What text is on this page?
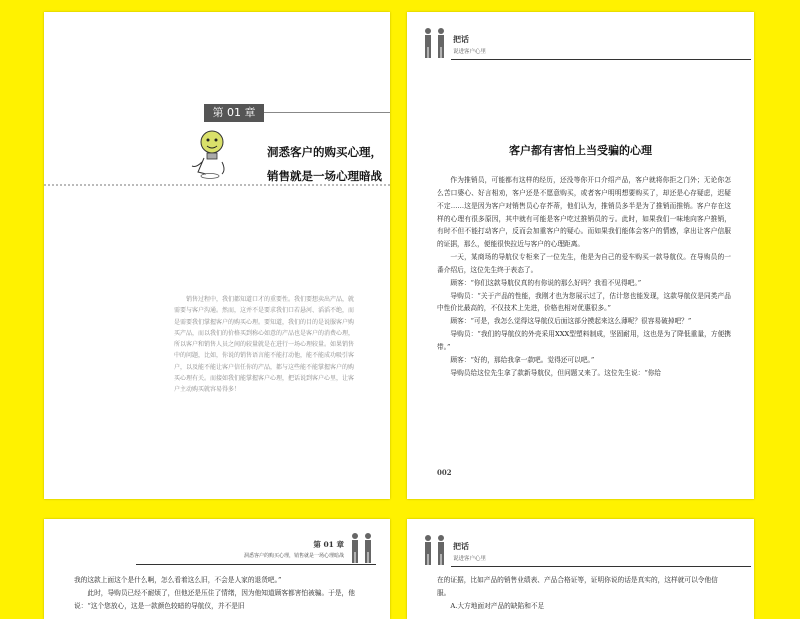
第 01 章
洞悉客户的购买心理，
销售就是一场心理暗战
销售过程中，我们都知道口才的重要性。我们要想卖出产品，就需要与客户沟通。然而，这并不是要求我们口若悬河、滔滔不绝，而是需要我们掌握客户的购买心理。要知道，我们的目的是说服客户购买产品，而以我们的价格买到称心如意的产品也是客户的消费心理，所以客户和销售人员之间的较量就是在进行一场心理较量。如果销售中的问题，比如，你说的销售语言能不能打动他，能不能成功吸引客户，以及能不能让客户信任你的产品，都与这些能不能掌握客户的购买心理有关。而接如我们能掌握客户心理，把话说到客户心里，让客户主动购买就容易得多！
把话
说进客户心里
客户都有害怕上当受骗的心理

作为推销员，可能都有这样的经历，还没等你开口介绍产品，客户就将你拒之门外；无论你怎么苦口婆心、好言相劝，客户还是不愿意购买，或者客户明明想要购买了，却还是心存疑虑，迟疑不定……这是因为客户对销售员心存芥蒂，他们认为，推销员多半是为了推销而推销。客户存在这样的心理有很多原因，其中就有可能是客户吃过推销员的亏。此时，如果我们一味地向客户推销，有时不但不能打动客户，反而会加重客户的疑心。而如果我们能体会客户的情感，拿出让客户信服的证据，那么，便能很快拉近与客户的心理距离。

一天，某商场的导航仪专柜来了一位先生，他是为自己的爱车购买一款导航仪。在导购员的一番介绍后，这位先生终于表态了。

顾客：“你们这款导航仪真的有你说的那么好吗？我看不见得吧。”

导购员：“关于产品的性能，我刚才也为您展示过了，估计您也能发现，这款导航仪是同类产品中性价比最高的，不仅技术上先进，价格也相对优惠很多。”

顾客：“可是，我怎么觉得这导航仪后面这部分摸起来这么薄呢？很容易破掉吧？”

导购员：“我们的导航仪的外壳采用XXX型塑料制成，坚固耐用，这也是为了降低重量，方便携带。”

顾客：“好的，那给我拿一款吧。觉得还可以吧。”

导购员给这位先生拿了款新导航仪，但问题又来了。这位先生说：“你给

002
第 01 章
洞悉客户的购买心理，销售就是一场心理暗战

我的这款上面这个是什么啊，怎么看着这么旧，不会是人家的退货吧。”

此时，导购员已经不耐烦了，但他还是压住了情绪，因为他知道顾客都害怕被骗。于是，他说：“这个您放心，这是一款颜色较暗的导航仪，并不是旧

把话
说进客户心里

在的证据，比如产品的销售业绩表、产品合格证等，证明你说的话是真实的，这样就可以令他信服。

A.大方地面对产品的缺陷和不足
